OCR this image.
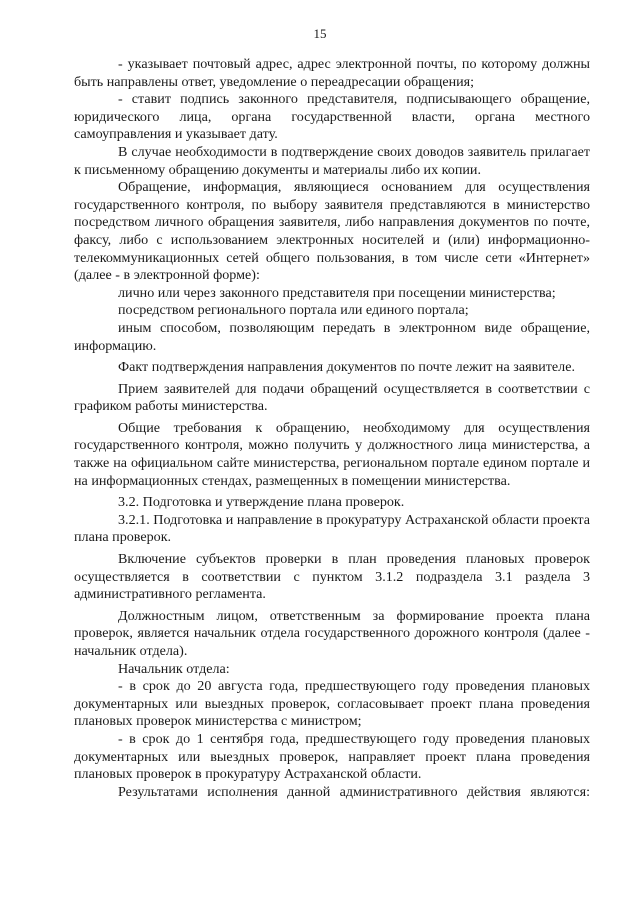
15

- указывает почтовый адрес, адрес электронной почты, по которому должны быть направлены ответ, уведомление о переадресации обращения;

- ставит подпись законного представителя, подписывающего обращение, юридического лица, органа государственной власти, органа местного самоуправления и указывает дату.

В случае необходимости в подтверждение своих доводов заявитель прилагает к письменному обращению документы и материалы либо их копии.

Обращение, информация, являющиеся основанием для осуществления государственного контроля, по выбору заявителя представляются в министерство посредством личного обращения заявителя, либо направления документов по почте, факсу, либо с использованием электронных носителей и (или) информационно-телекоммуникационных сетей общего пользования, в том числе сети «Интернет» (далее - в электронной форме):

лично или через законного представителя при посещении министерства;

посредством регионального портала или единого портала;

иным способом, позволяющим передать в электронном виде обращение, информацию.

Факт подтверждения направления документов по почте лежит на заявителе.

Прием заявителей для подачи обращений осуществляется в соответствии с графиком работы министерства.

Общие требования к обращению, необходимому для осуществления государственного контроля, можно получить у должностного лица министерства, а также на официальном сайте министерства, региональном портале едином портале и на информационных стендах, размещенных в помещении министерства.

3.2. Подготовка и утверждение плана проверок.

3.2.1. Подготовка и направление в прокуратуру Астраханской области проекта плана проверок.

Включение субъектов проверки в план проведения плановых проверок осуществляется в соответствии с пунктом 3.1.2 подраздела 3.1 раздела 3 административного регламента.

Должностным лицом, ответственным за формирование проекта плана проверок, является начальник отдела государственного дорожного контроля (далее - начальник отдела).

Начальник отдела:

- в срок до 20 августа года, предшествующего году проведения плановых документарных или выездных проверок, согласовывает проект плана проведения плановых проверок министерства с министром;

- в срок до 1 сентября года, предшествующего году проведения плановых документарных или выездных проверок, направляет проект плана проведения плановых проверок в прокуратуру Астраханской области.

Результатами исполнения данной административного действия являются:
